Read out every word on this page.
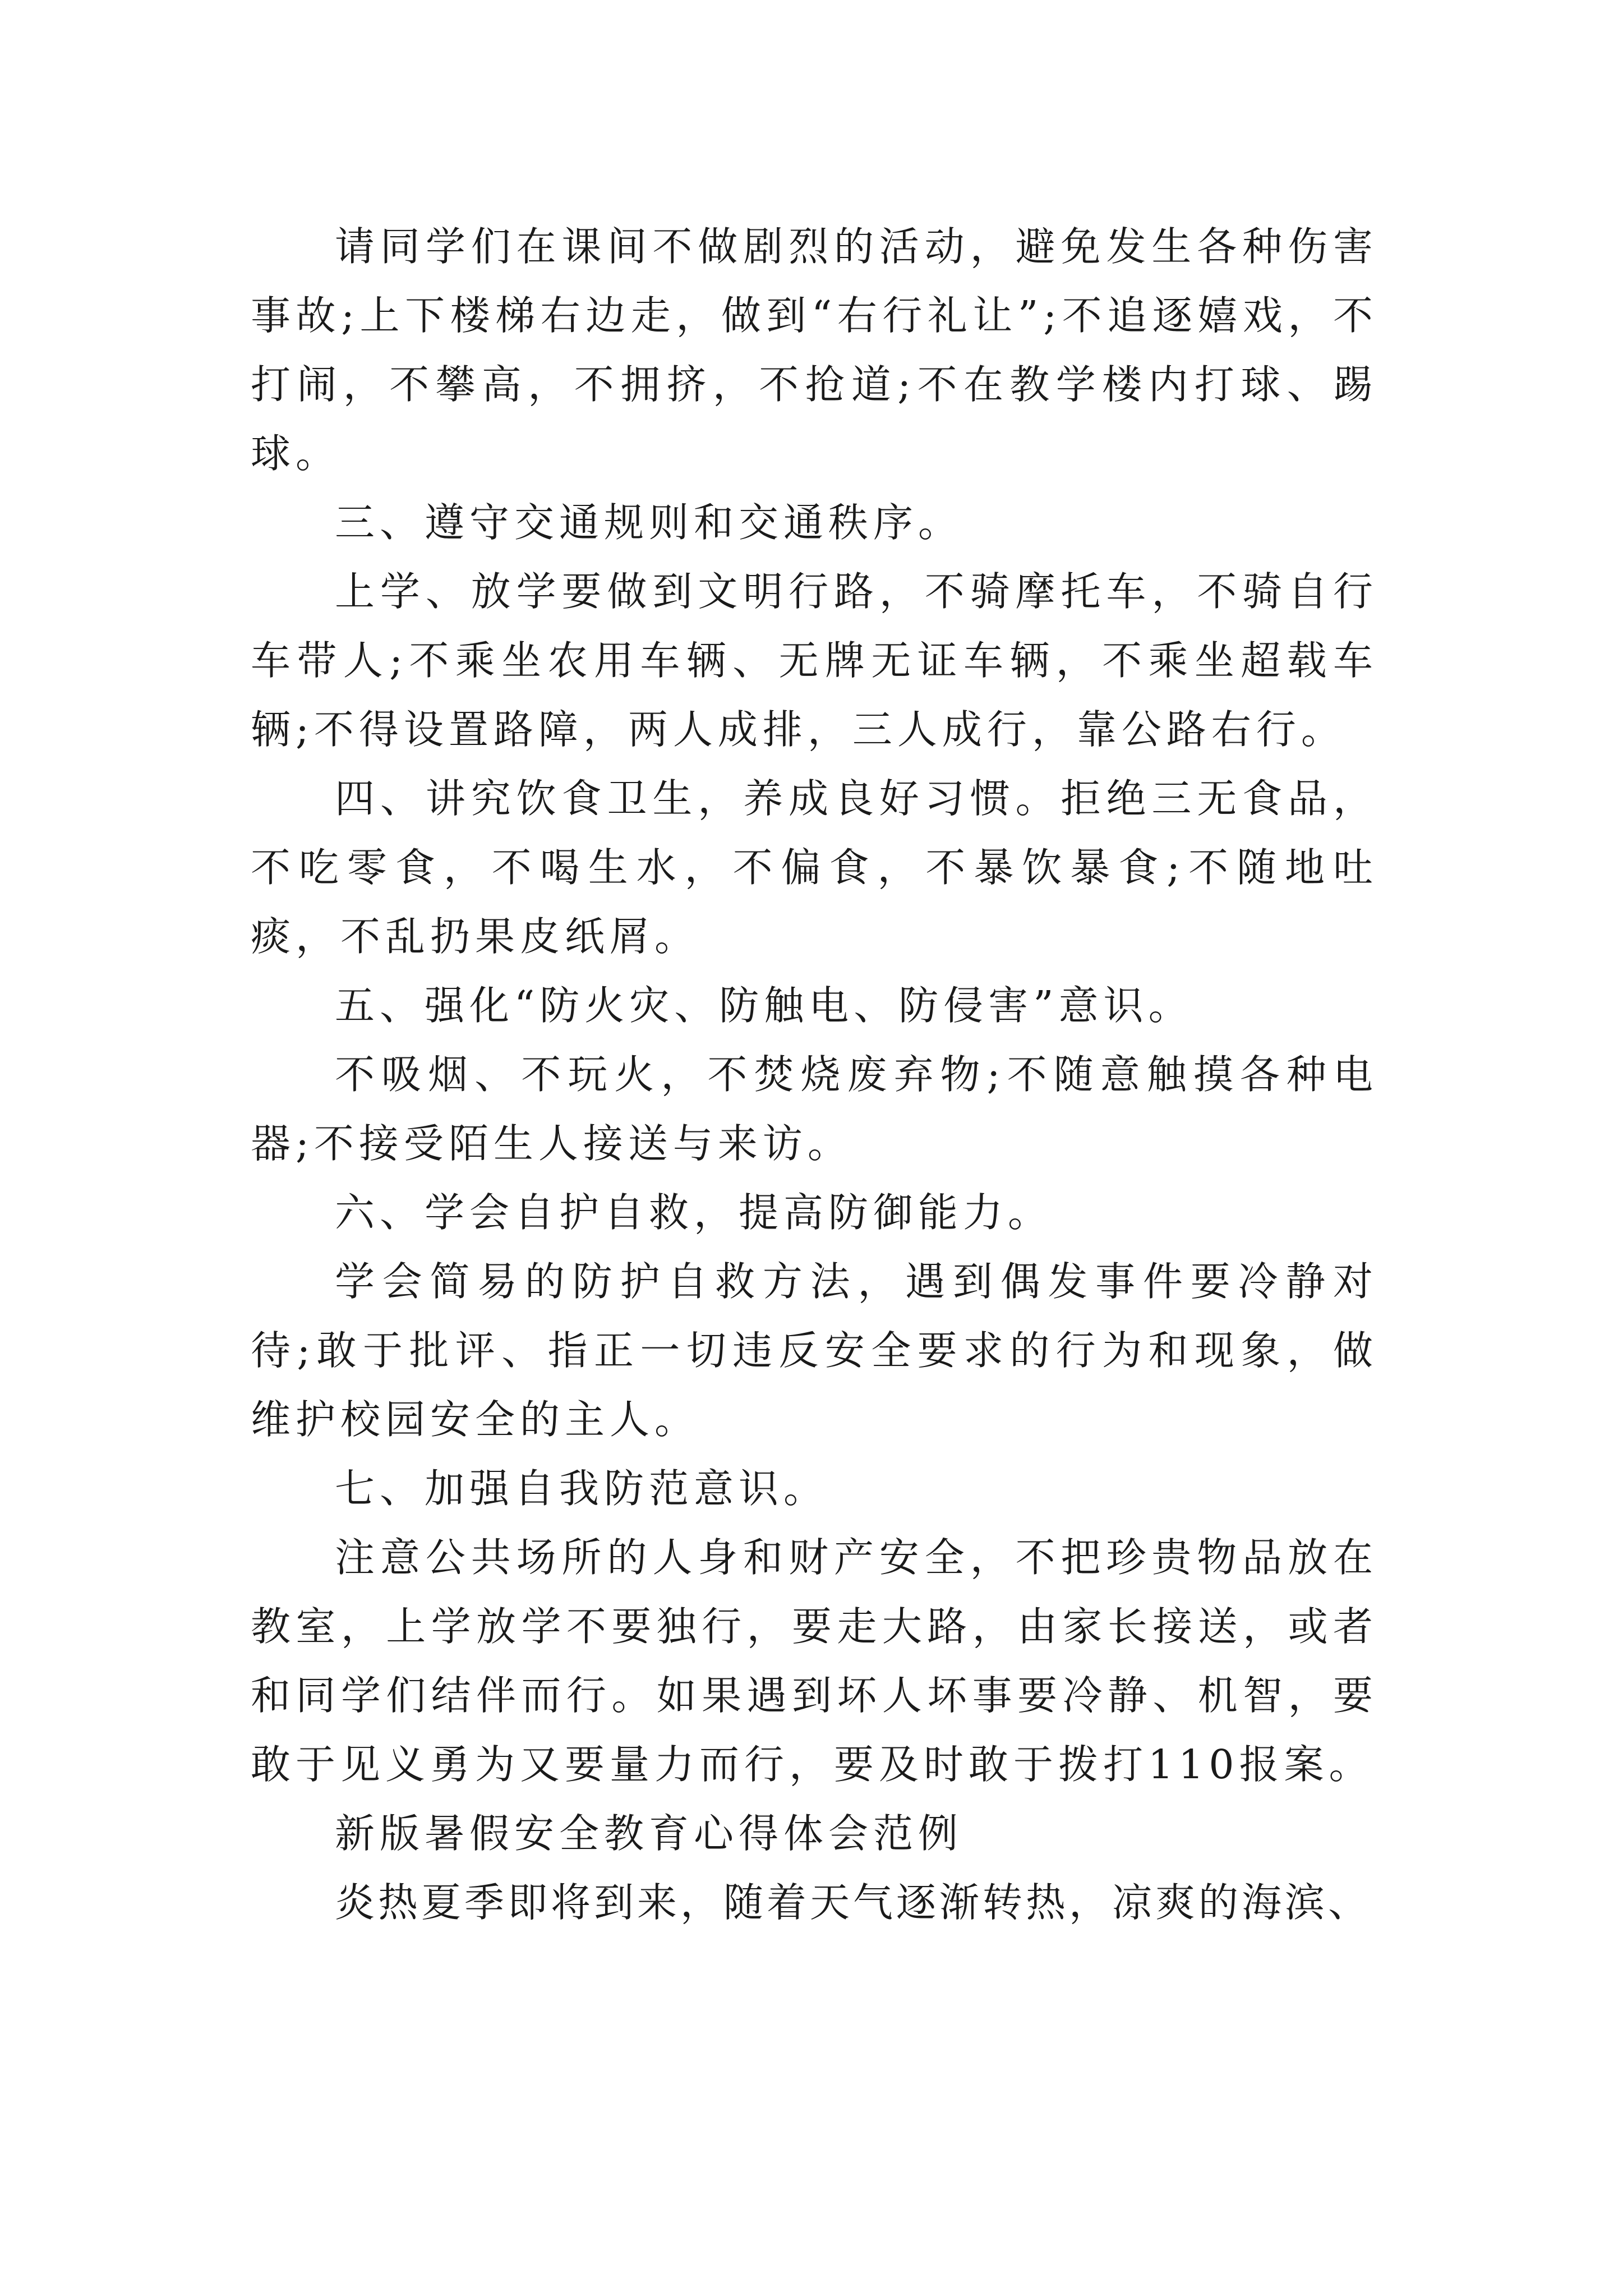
请同学们在课间不做剧烈的活动，避免发生各种伤害事故;上下楼梯右边走，做到“右行礼让”;不追逐嬉戏，不打闹，不攀高，不拥挤，不抢道;不在教学楼内打球、踢球。

三、遵守交通规则和交通秩序。

上学、放学要做到文明行路，不骑摩托车，不骑自行车带人;不乘坐农用车辆、无牌无证车辆，不乘坐超载车辆;不得设置路障，两人成排，三人成行，靠公路右行。

四、讲究饮食卫生，养成良好习惯。拒绝三无食品，不吃零食，不喝生水，不偏食，不暴饮暴食;不随地吐痰，不乱扔果皮纸屑。

五、强化“防火灾、防触电、防侵害”意识。

不吸烟、不玩火，不焚烧废弃物;不随意触摸各种电器;不接受陌生人接送与来访。

六、学会自护自救，提高防御能力。

学会简易的防护自救方法，遇到偶发事件要冷静对待;敢于批评、指正一切违反安全要求的行为和现象，做维护校园安全的主人。

七、加强自我防范意识。

注意公共场所的人身和财产安全，不把珍贵物品放在教室，上学放学不要独行，要走大路，由家长接送，或者和同学们结伴而行。如果遇到坏人坏事要冷静、机智，要敢于见义勇为又要量力而行，要及时敢于拨打110报案。

新版暑假安全教育心得体会范例

炎热夏季即将到来，随着天气逐渐转热，凉爽的海滨、
